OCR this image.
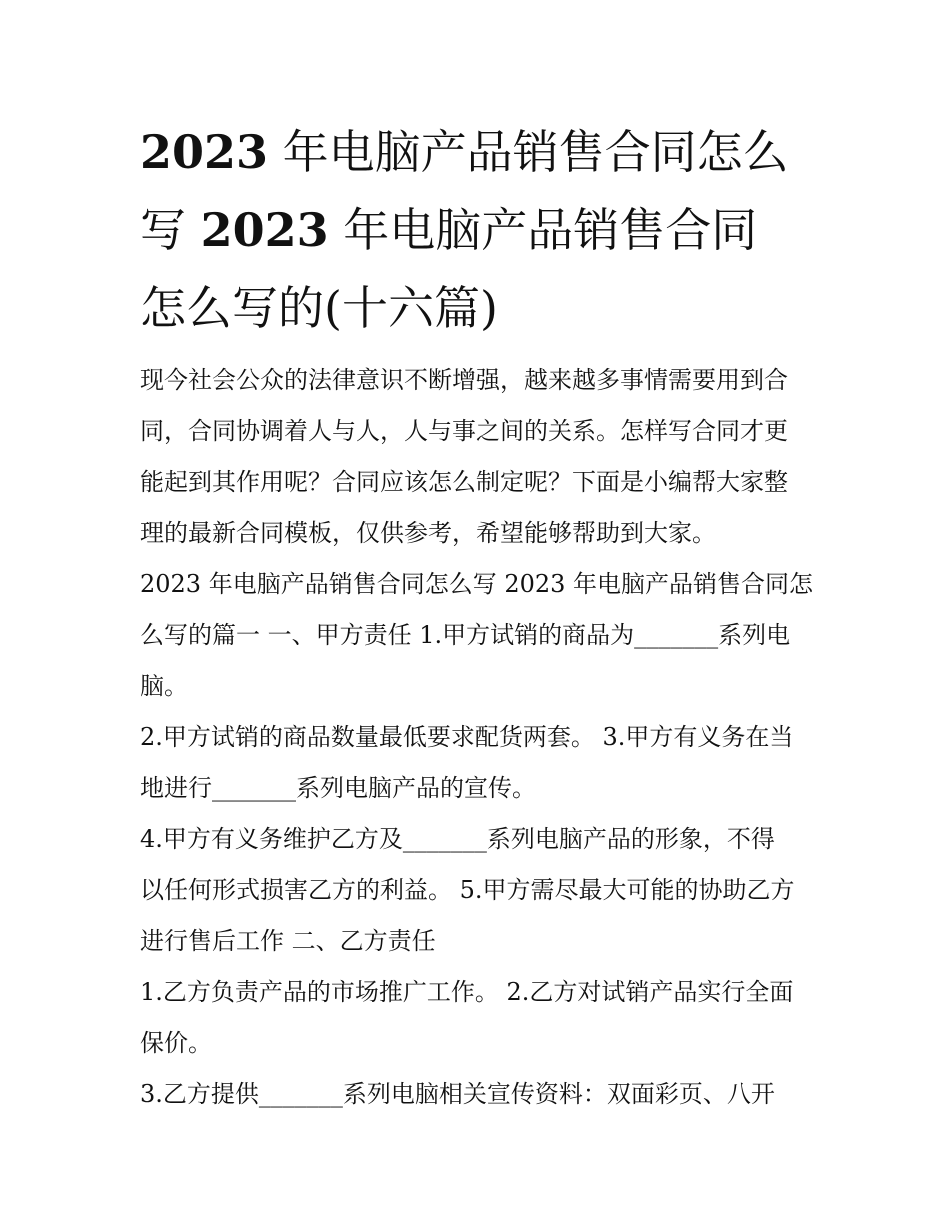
2023 年电脑产品销售合同怎么
写 2023 年电脑产品销售合同
怎么写的(十六篇)
现今社会公众的法律意识不断增强，越来越多事情需要用到合
同，合同协调着人与人，人与事之间的关系。怎样写合同才更
能起到其作用呢？合同应该怎么制定呢？下面是小编帮大家整
理的最新合同模板，仅供参考，希望能够帮助到大家。
2023 年电脑产品销售合同怎么写 2023 年电脑产品销售合同怎
么写的篇一 一、甲方责任 1.甲方试销的商品为_______系列电
脑。
2.甲方试销的商品数量最低要求配货两套。 3.甲方有义务在当
地进行_______系列电脑产品的宣传。
4.甲方有义务维护乙方及_______系列电脑产品的形象，不得
以任何形式损害乙方的利益。 5.甲方需尽最大可能的协助乙方
进行售后工作 二、乙方责任
1.乙方负责产品的市场推广工作。 2.乙方对试销产品实行全面
保价。
3.乙方提供_______系列电脑相关宣传资料：双面彩页、八开
